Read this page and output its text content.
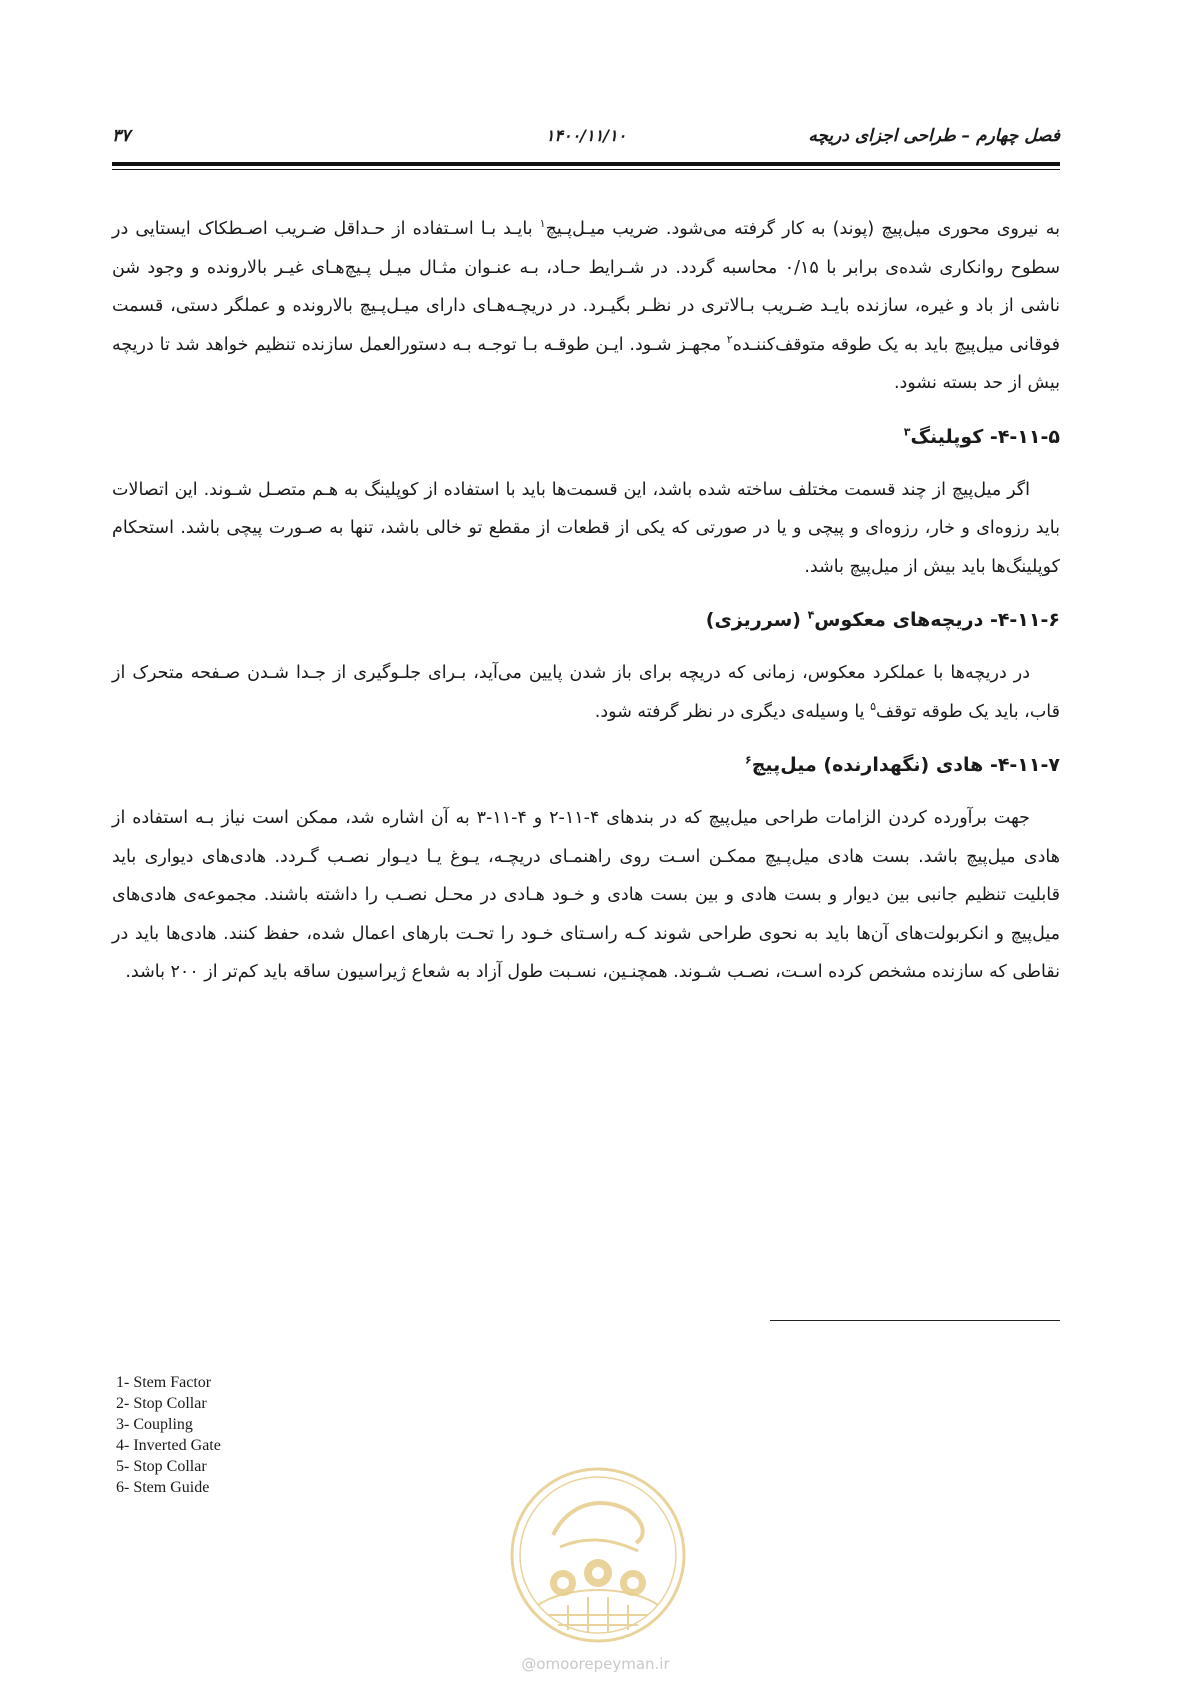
فصل چهارم – طراحی اجزای دریچه
۱۴۰۰/۱۱/۱۰
۳۷

به نیروی محوری میل‌پیچ (پوند) به کار گرفته می‌شود. ضریب میـل‌پـیچ$^۱$ بایـد بـا اسـتفاده از حـداقل ضـریب اصـطکاک ایستایی در سطوح روانکاری شده‌ی برابر با ۰/۱۵ محاسبه گردد. در شـرایط حـاد، بـه عنـوان مثـال میـل پـیچ‌هـای غیـر بالارونده و وجود شن ناشی از باد و غیره، سازنده بایـد ضـریب بـالاتری در نظـر بگیـرد. در دریچـه‌هـای دارای میـل‌پـیچ بالارونده و عملگر دستی، قسمت فوقانی میل‌پیچ باید به یک طوقه متوقف‌کننـده$^۲$ مجهـز شـود. ایـن طوقـه بـا توجـه بـه دستورالعمل سازنده تنظیم خواهد شد تا دریچه بیش از حد بسته نشود.

۴-۱۱-۵- کوپلینگ$^۳$

اگر میل‌پیچ از چند قسمت مختلف ساخته شده باشد، این قسمت‌ها باید با استفاده از کوپلینگ به هـم متصـل شـوند. این اتصالات باید رزوه‌ای و خار، رزوه‌ای و پیچی و یا در صورتی که یکی از قطعات از مقطع تو خالی باشد، تنها به صـورت پیچی باشد. استحکام کوپلینگ‌ها باید بیش از میل‌پیچ باشد.

۴-۱۱-۶- دریچه‌های معکوس$^۴$ (سرریزی)

در دریچه‌ها با عملکرد معکوس، زمانی که دریچه برای باز شدن پایین می‌آید، بـرای جلـوگیری از جـدا شـدن صـفحه متحرک از قاب، باید یک طوقه توقف$^۵$ یا وسیله‌ی دیگری در نظر گرفته شود.

۴-۱۱-۷- هادی (نگهدارنده) میل‌پیچ$^۶$

جهت برآورده کردن الزامات طراحی میل‌پیچ که در بندهای ۴-۱۱-۲ و ۴-۱۱-۳ به آن اشاره شد، ممکن است نیاز بـه استفاده از هادی میل‌پیچ باشد. بست هادی میل‌پـیچ ممکـن اسـت روی راهنمـای دریچـه، یـوغ یـا دیـوار نصـب گـردد. هادی‌های دیواری باید قابلیت تنظیم جانبی بین دیوار و بست هادی و بین بست هادی و خـود هـادی در محـل نصـب را داشته باشند. مجموعه‌ی هادی‌های میل‌پیچ و انکربولت‌های آن‌ها باید به نحوی طراحی شوند کـه راسـتای خـود را تحـت بارهای اعمال شده، حفظ کنند. هادی‌ها باید در نقاطی که سازنده مشخص کرده اسـت، نصـب شـوند. همچنـین، نسـبت طول آزاد به شعاع ژیراسیون ساقه باید کم‌تر از ۲۰۰ باشد.

1- Stem Factor
2- Stop Collar
3- Coupling
4- Inverted Gate
5- Stop Collar
6- Stem Guide
@omoorepeyman.ir
